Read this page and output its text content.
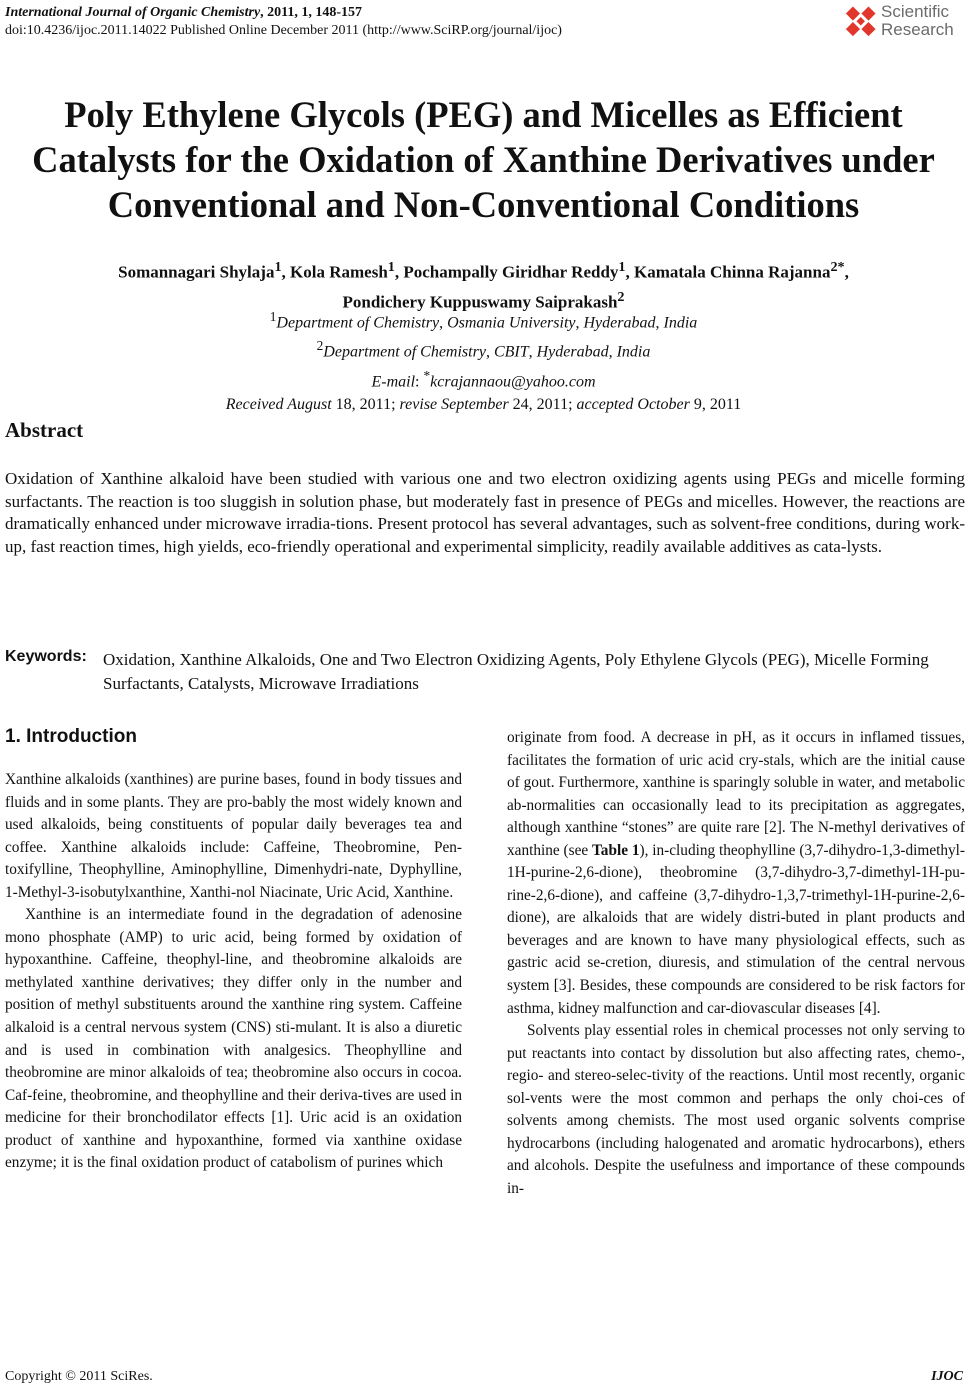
International Journal of Organic Chemistry, 2011, 1, 148-157
doi:10.4236/ijoc.2011.14022 Published Online December 2011 (http://www.SciRP.org/journal/ijoc)
Scientific
Research
Poly Ethylene Glycols (PEG) and Micelles as Efficient Catalysts for the Oxidation of Xanthine Derivatives under Conventional and Non-Conventional Conditions
Somannagari Shylaja$^1$, Kola Ramesh$^1$, Pochampally Giridhar Reddy$^1$, Kamatala Chinna Rajanna$^{2*}$,
Pondichery Kuppuswamy Saiprakash$^2$
$^1$Department of Chemistry, Osmania University, Hyderabad, India
$^2$Department of Chemistry, CBIT, Hyderabad, India
E-mail: *kcrajannaou@yahoo.com
Received August 18, 2011; revise September 24, 2011; accepted October 9, 2011
Abstract
Oxidation of Xanthine alkaloid have been studied with various one and two electron oxidizing agents using PEGs and micelle forming surfactants. The reaction is too sluggish in solution phase, but moderately fast in presence of PEGs and micelles. However, the reactions are dramatically enhanced under microwave irradia-tions. Present protocol has several advantages, such as solvent-free conditions, during work-up, fast reaction times, high yields, eco-friendly operational and experimental simplicity, readily available additives as cata-lysts.
Keywords: Oxidation, Xanthine Alkaloids, One and Two Electron Oxidizing Agents, Poly Ethylene Glycols (PEG), Micelle Forming Surfactants, Catalysts, Microwave Irradiations
1. Introduction

Xanthine alkaloids (xanthines) are purine bases, found in body tissues and fluids and in some plants. They are pro-bably the most widely known and used alkaloids, being constituents of popular daily beverages tea and coffee. Xanthine alkaloids include: Caffeine, Theobromine, Pen-toxifylline, Theophylline, Aminophylline, Dimenhydri-nate, Dyphylline, 1-Methyl-3-isobutylxanthine, Xanthi-nol Niacinate, Uric Acid, Xanthine.

Xanthine is an intermediate found in the degradation of adenosine mono phosphate (AMP) to uric acid, being formed by oxidation of hypoxanthine. Caffeine, theophyl-line, and theobromine alkaloids are methylated xanthine derivatives; they differ only in the number and position of methyl substituents around the xanthine ring system. Caffeine alkaloid is a central nervous system (CNS) sti-mulant. It is also a diuretic and is used in combination with analgesics. Theophylline and theobromine are minor alkaloids of tea; theobromine also occurs in cocoa. Caf-feine, theobromine, and theophylline and their deriva-tives are used in medicine for their bronchodilator effects [1]. Uric acid is an oxidation product of xanthine and hypoxanthine, formed via xanthine oxidase enzyme; it is the final oxidation product of catabolism of purines which

originate from food. A decrease in pH, as it occurs in inflamed tissues, facilitates the formation of uric acid cry-stals, which are the initial cause of gout. Furthermore, xanthine is sparingly soluble in water, and metabolic ab-normalities can occasionally lead to its precipitation as aggregates, although xanthine “stones” are quite rare [2]. The N-methyl derivatives of xanthine (see Table 1), in-cluding theophylline (3,7-dihydro-1,3-dimethyl-1H-purine-2,6-dione), theobromine (3,7-dihydro-3,7-dimethyl-1H-pu-rine-2,6-dione), and caffeine (3,7-dihydro-1,3,7-trimethyl-1H-purine-2,6-dione), are alkaloids that are widely distri-buted in plant products and beverages and are known to have many physiological effects, such as gastric acid se-cretion, diuresis, and stimulation of the central nervous system [3]. Besides, these compounds are considered to be risk factors for asthma, kidney malfunction and car-diovascular diseases [4].

Solvents play essential roles in chemical processes not only serving to put reactants into contact by dissolution but also affecting rates, chemo-, regio- and stereo-selec-tivity of the reactions. Until most recently, organic sol-vents were the most common and perhaps the only choi-ces of solvents among chemists. The most used organic solvents comprise hydrocarbons (including halogenated and aromatic hydrocarbons), ethers and alcohols. Despite the usefulness and importance of these compounds in-

Copyright © 2011 SciRes.	IJOC
